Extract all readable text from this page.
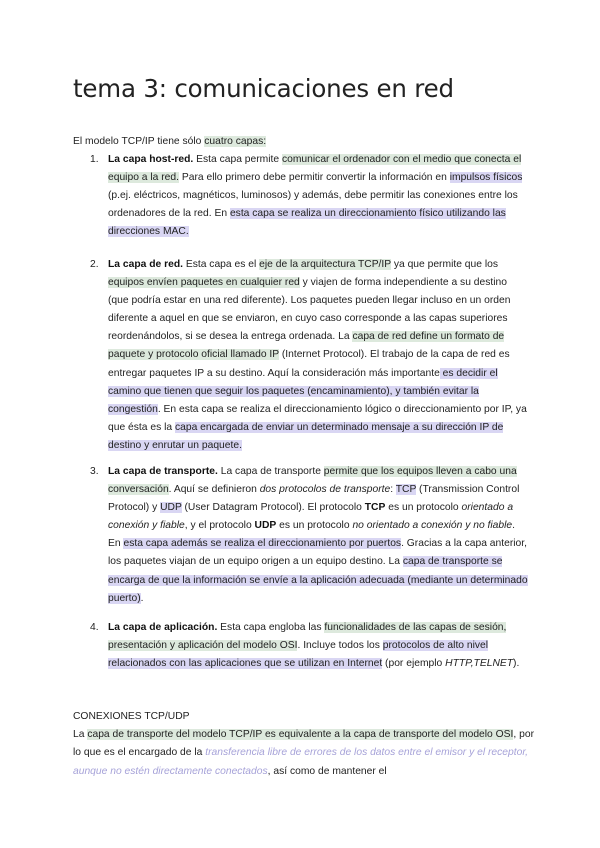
tema 3: comunicaciones en red
El modelo TCP/IP tiene sólo cuatro capas:
1. La capa host-red. Esta capa permite comunicar el ordenador con el medio que conecta el equipo a la red. Para ello primero debe permitir convertir la información en impulsos físicos (p.ej. eléctricos, magnéticos, luminosos) y además, debe permitir las conexiones entre los ordenadores de la red. En esta capa se realiza un direccionamiento físico utilizando las direcciones MAC.
2. La capa de red. Esta capa es el eje de la arquitectura TCP/IP ya que permite que los equipos envíen paquetes en cualquier red y viajen de forma independiente a su destino (que podría estar en una red diferente). Los paquetes pueden llegar incluso en un orden diferente a aquel en que se enviaron, en cuyo caso corresponde a las capas superiores reordenándolos, si se desea la entrega ordenada. La capa de red define un formato de paquete y protocolo oficial llamado IP (Internet Protocol). El trabajo de la capa de red es entregar paquetes IP a su destino. Aquí la consideración más importante es decidir el camino que tienen que seguir los paquetes (encaminamiento), y también evitar la congestión. En esta capa se realiza el direccionamiento lógico o direccionamiento por IP, ya que ésta es la capa encargada de enviar un determinado mensaje a su dirección IP de destino y enrutar un paquete.
3. La capa de transporte. La capa de transporte permite que los equipos lleven a cabo una conversación. Aquí se definieron dos protocolos de transporte: TCP (Transmission Control Protocol) y UDP (User Datagram Protocol). El protocolo TCP es un protocolo orientado a conexión y fiable, y el protocolo UDP es un protocolo no orientado a conexión y no fiable. En esta capa además se realiza el direccionamiento por puertos. Gracias a la capa anterior, los paquetes viajan de un equipo origen a un equipo destino. La capa de transporte se encarga de que la información se envíe a la aplicación adecuada (mediante un determinado puerto).
4. La capa de aplicación. Esta capa engloba las funcionalidades de las capas de sesión, presentación y aplicación del modelo OSI. Incluye todos los protocolos de alto nivel relacionados con las aplicaciones que se utilizan en Internet (por ejemplo HTTP,TELNET).
CONEXIONES TCP/UDP
La capa de transporte del modelo TCP/IP es equivalente a la capa de transporte del modelo OSI, por lo que es el encargado de la transferencia libre de errores de los datos entre el emisor y el receptor, aunque no estén directamente conectados, así como de mantener el
